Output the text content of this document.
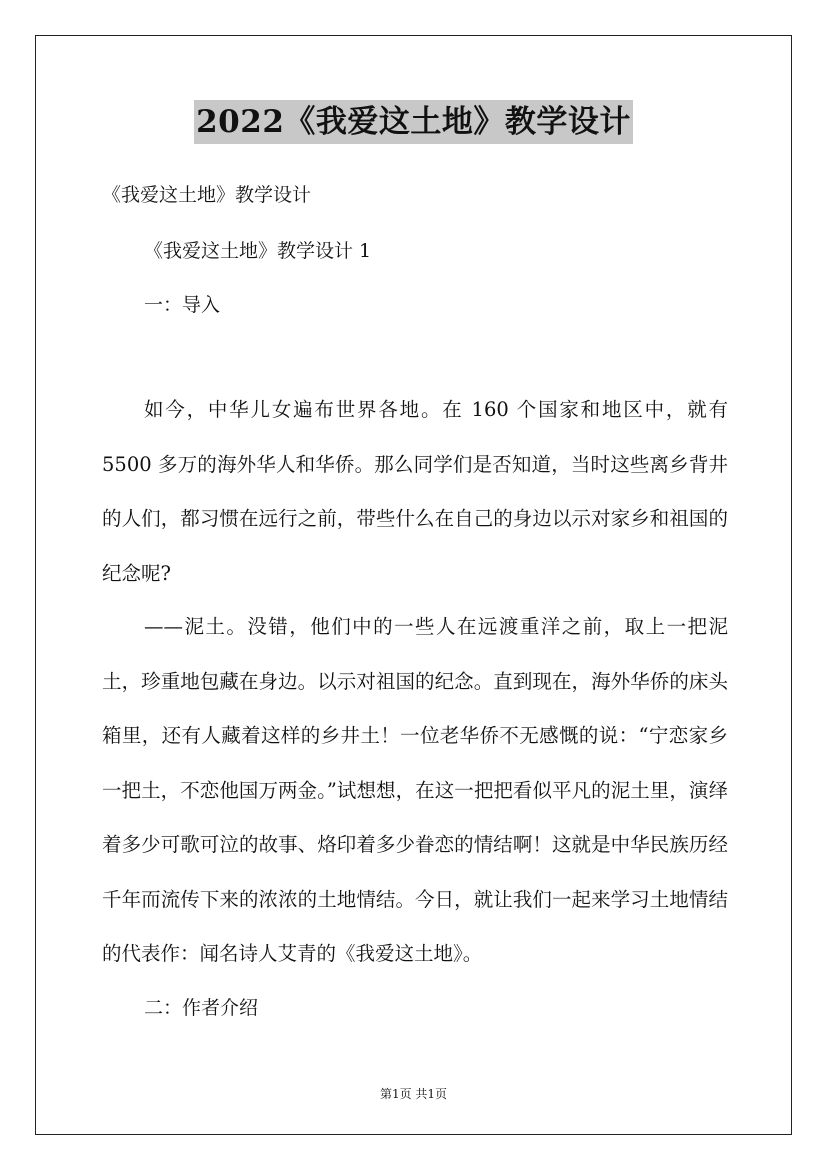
2022《我爱这土地》教学设计
《我爱这土地》教学设计
《我爱这土地》教学设计 1
一：导入

如今，中华儿女遍布世界各地。在 160 个国家和地区中，就有 5500 多万的海外华人和华侨。那么同学们是否知道，当时这些离乡背井的人们，都习惯在远行之前，带些什么在自己的身边以示对家乡和祖国的纪念呢?

——泥土。没错，他们中的一些人在远渡重洋之前，取上一把泥土，珍重地包藏在身边。以示对祖国的纪念。直到现在，海外华侨的床头箱里，还有人藏着这样的乡井土！一位老华侨不无感慨的说：“宁恋家乡一把土，不恋他国万两金。”试想想，在这一把把看似平凡的泥土里，演绎着多少可歌可泣的故事、烙印着多少眷恋的情结啊！这就是中华民族历经千年而流传下来的浓浓的土地情结。今日，就让我们一起来学习土地情结的代表作：闻名诗人艾青的《我爱这土地》。

二：作者介绍
第1页 共1页
